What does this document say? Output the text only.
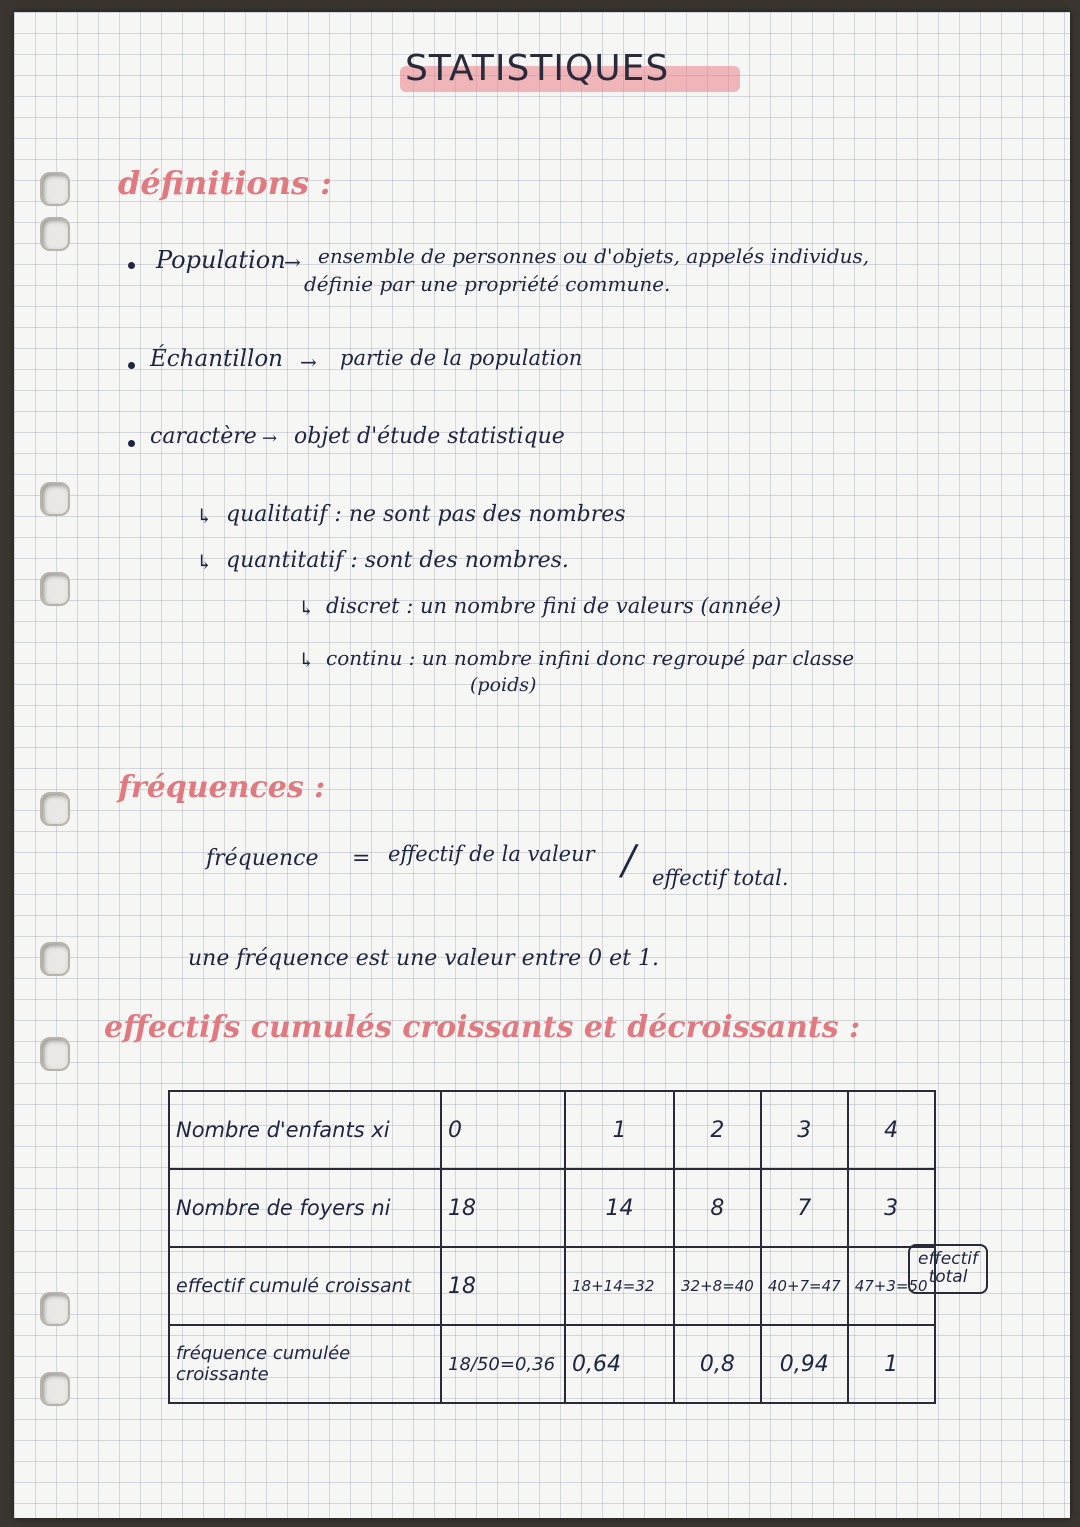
STATISTIQUES
définitions :
Population
→ ensemble de personnes ou d'objets, appelés individus,
définie par une propriété commune.
Échantillon → partie de la population
caractère → objet d'étude statistique
↳ qualitatif : ne sont pas des nombres
↳ quantitatif : sont des nombres.
↳ discret : un nombre fini de valeurs (année)
↳ continu : un nombre infini donc regroupé par classe
(poids)
fréquences :
fréquence = effectif de la valeur / effectif total.
une fréquence est une valeur entre 0 et 1.
effectifs cumulés croissants et décroissants :
Nombre d'enfants xi	0	1	2	3	4
Nombre de foyers ni	18	14	8	7	3
effectif cumulé croissant	18	18+14=32	32+8=40	40+7=47	47+3=50
fréquence cumulée croissante	18/50=0,36	0,64	0,8	0,94	1
effectif total
